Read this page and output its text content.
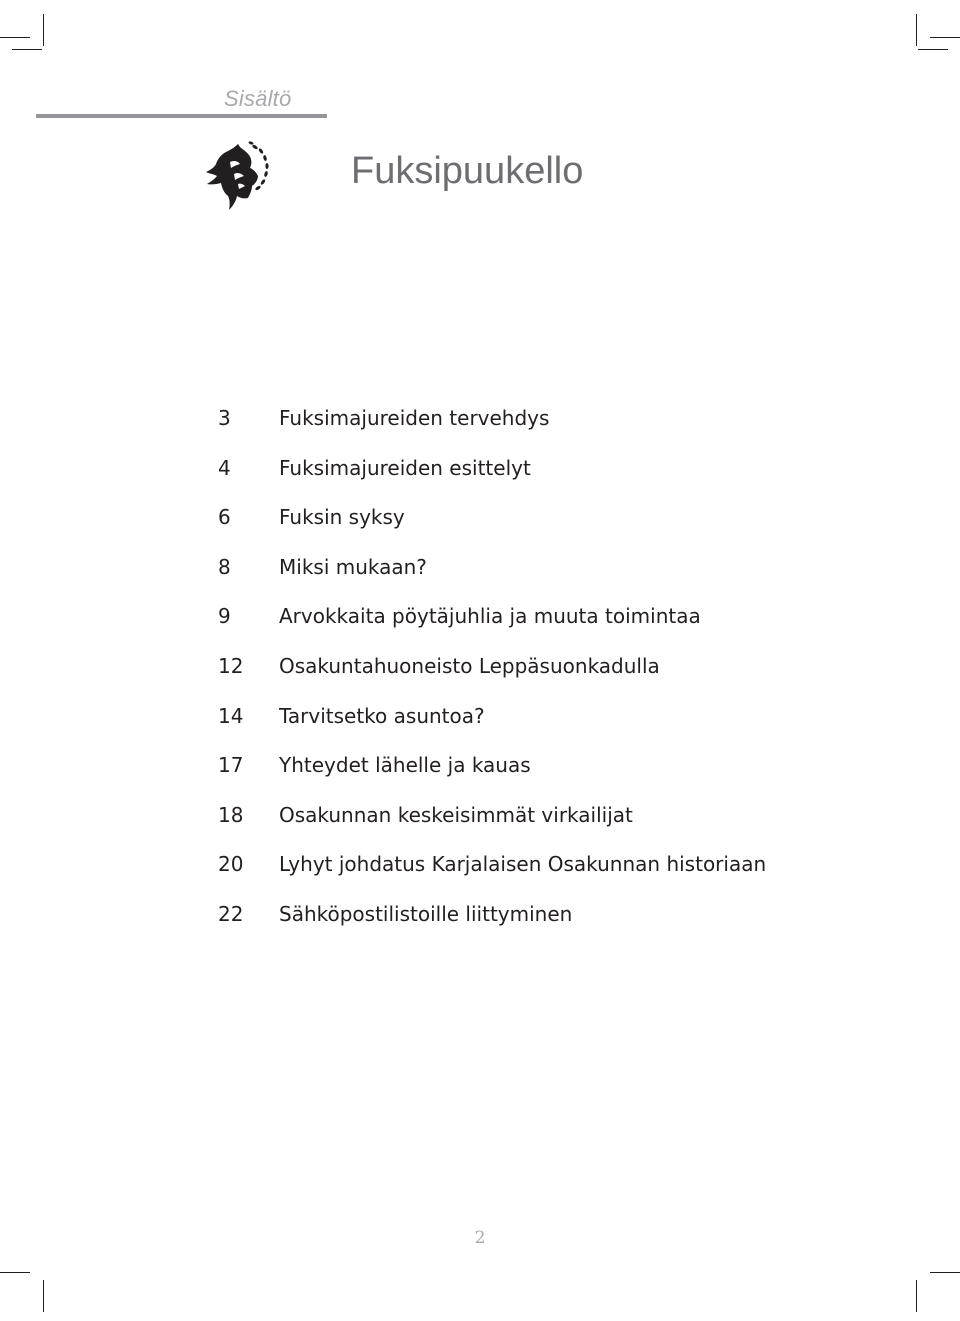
Sisältö
Fuksipuukello
3 Fuksimajureiden tervehdys
4 Fuksimajureiden esittelyt
6 Fuksin syksy
8 Miksi mukaan?
9 Arvokkaita pöytäjuhlia ja muuta toimintaa
12 Osakuntahuoneisto Leppäsuonkadulla
14 Tarvitsetko asuntoa?
17 Yhteydet lähelle ja kauas
18 Osakunnan keskeisimmät virkailijat
20 Lyhyt johdatus Karjalaisen Osakunnan historiaan
22 Sähköpostilistoille liittyminen
2
